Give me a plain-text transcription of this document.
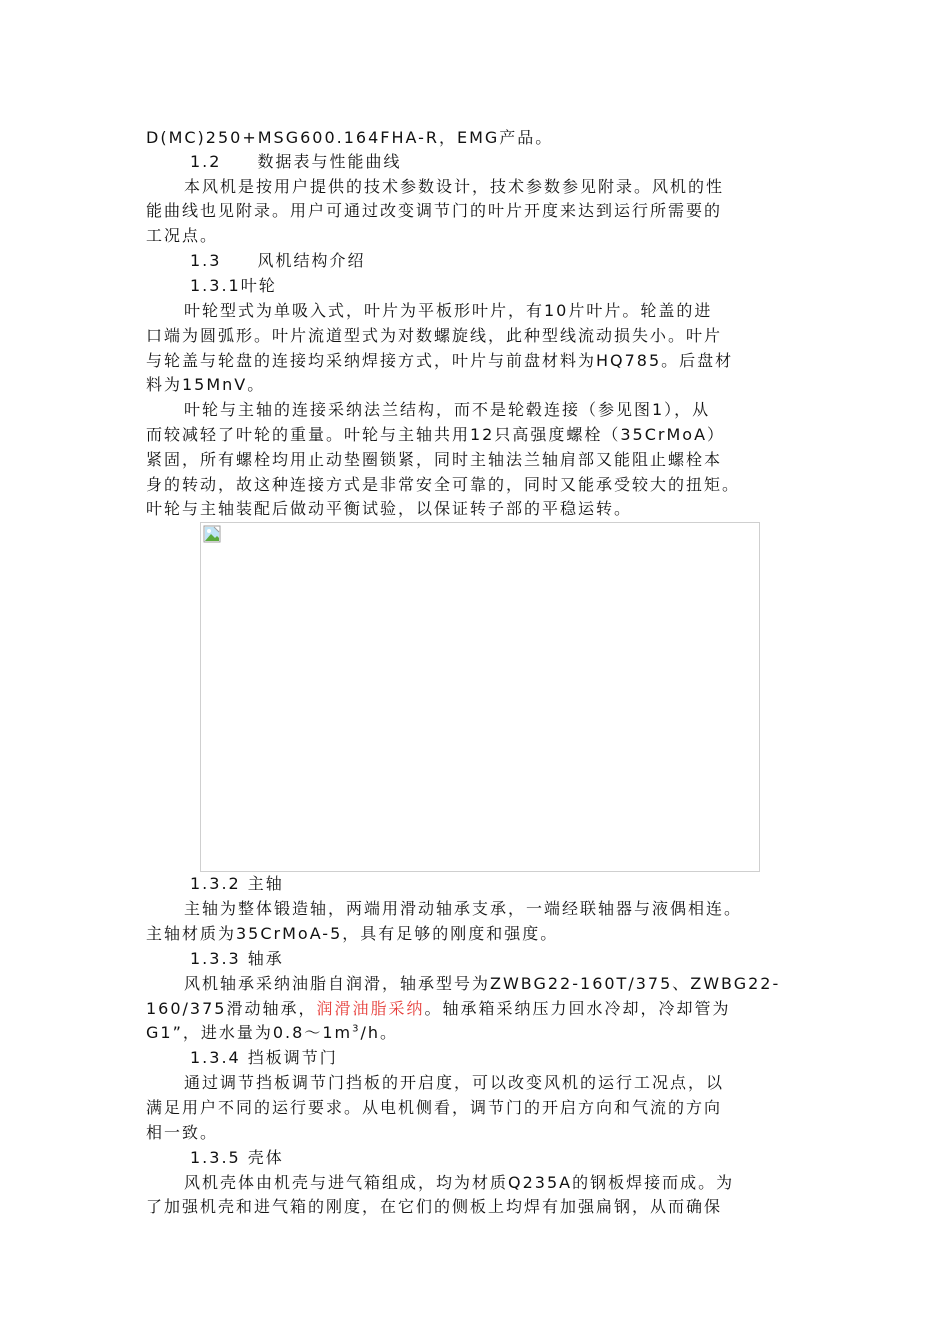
D(MC)250+MSG600.164FHA-R，EMG产品。
1.2　　数据表与性能曲线
本风机是按用户提供的技术参数设计，技术参数参见附录。风机的性
能曲线也见附录。用户可通过改变调节门的叶片开度来达到运行所需要的
工况点。
1.3　　风机结构介绍
1.3.1叶轮
叶轮型式为单吸入式，叶片为平板形叶片，有10片叶片。轮盖的进
口端为圆弧形。叶片流道型式为对数螺旋线，此种型线流动损失小。叶片
与轮盖与轮盘的连接均采纳焊接方式，叶片与前盘材料为HQ785。后盘材
料为15MnV。
叶轮与主轴的连接采纳法兰结构，而不是轮毂连接（参见图1），从
而较减轻了叶轮的重量。叶轮与主轴共用12只高强度螺栓（35CrMoA）
紧固，所有螺栓均用止动垫圈锁紧，同时主轴法兰轴肩部又能阻止螺栓本
身的转动，故这种连接方式是非常安全可靠的，同时又能承受较大的扭矩。
叶轮与主轴装配后做动平衡试验，以保证转子部的平稳运转。
1.3.2 主轴
主轴为整体锻造轴，两端用滑动轴承支承，一端经联轴器与液偶相连。
主轴材质为35CrMoA-5，具有足够的刚度和强度。
1.3.3 轴承
风机轴承采纳油脂自润滑，轴承型号为ZWBG22-160T/375、ZWBG22-
160/375滑动轴承，润滑油脂采纳。轴承箱采纳压力回水冷却，冷却管为
G1”，进水量为$0.8\sim 1m^3/h$。
1.3.4 挡板调节门
通过调节挡板调节门挡板的开启度，可以改变风机的运行工况点，以
满足用户不同的运行要求。从电机侧看，调节门的开启方向和气流的方向
相一致。
1.3.5 壳体
风机壳体由机壳与进气箱组成，均为材质Q235A的钢板焊接而成。为
了加强机壳和进气箱的刚度，在它们的侧板上均焊有加强扁钢，从而确保
